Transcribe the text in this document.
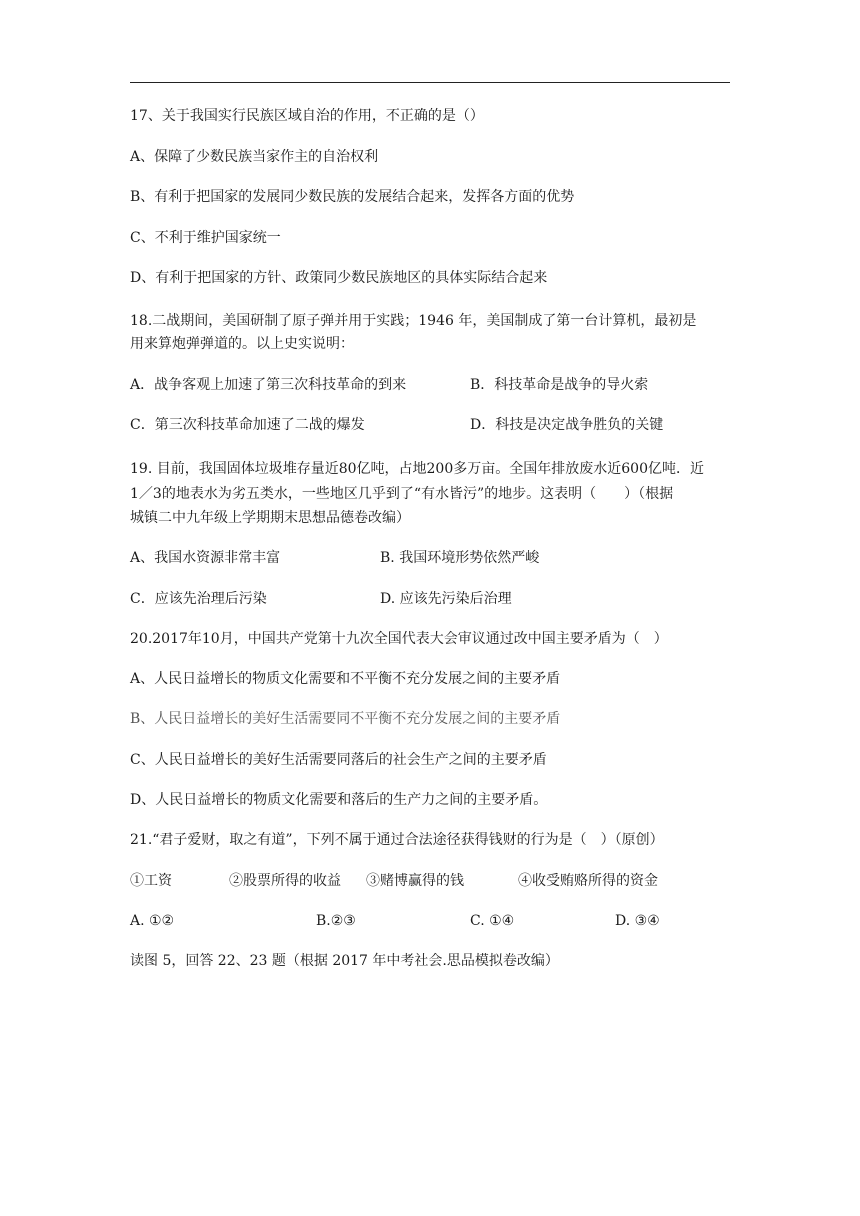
17、关于我国实行民族区域自治的作用，不正确的是（）
A、保障了少数民族当家作主的自治权利
B、有利于把国家的发展同少数民族的发展结合起来，发挥各方面的优势
C、不利于维护国家统一
D、有利于把国家的方针、政策同少数民族地区的具体实际结合起来
18.二战期间，美国研制了原子弹并用于实践；1946 年，美国制成了第一台计算机，最初是
用来算炮弹弹道的。以上史实说明：
A．战争客观上加速了第三次科技革命的到来	B．科技革命是战争的导火索
C．第三次科技革命加速了二战的爆发	D．科技是决定战争胜负的关键
19. 目前，我国固体垃圾堆存量近80亿吨，占地200多万亩。全国年排放废水近600亿吨．近
1／3的地表水为劣五类水，一些地区几乎到了“有水皆污”的地步。这表明（　　）（根据
城镇二中九年级上学期期末思想品德卷改编）
A、我国水资源非常丰富	B. 我国环境形势依然严峻
C．应该先治理后污染	D. 应该先污染后治理
20.2017年10月，中国共产党第十九次全国代表大会审议通过改中国主要矛盾为（　）
A、人民日益增长的物质文化需要和不平衡不充分发展之间的主要矛盾
B、人民日益增长的美好生活需要同不平衡不充分发展之间的主要矛盾
C、人民日益增长的美好生活需要同落后的社会生产之间的主要矛盾
D、人民日益增长的物质文化需要和落后的生产力之间的主要矛盾。
21.“君子爱财，取之有道”，下列不属于通过合法途径获得钱财的行为是（　）（原创）
①工资	②股票所得的收益 ③赌博赢得的钱	④收受贿赂所得的资金
A. ①②	B.②③	C. ①④	D. ③④
读图 5，回答 22、23 题（根据 2017 年中考社会.思品模拟卷改编）
